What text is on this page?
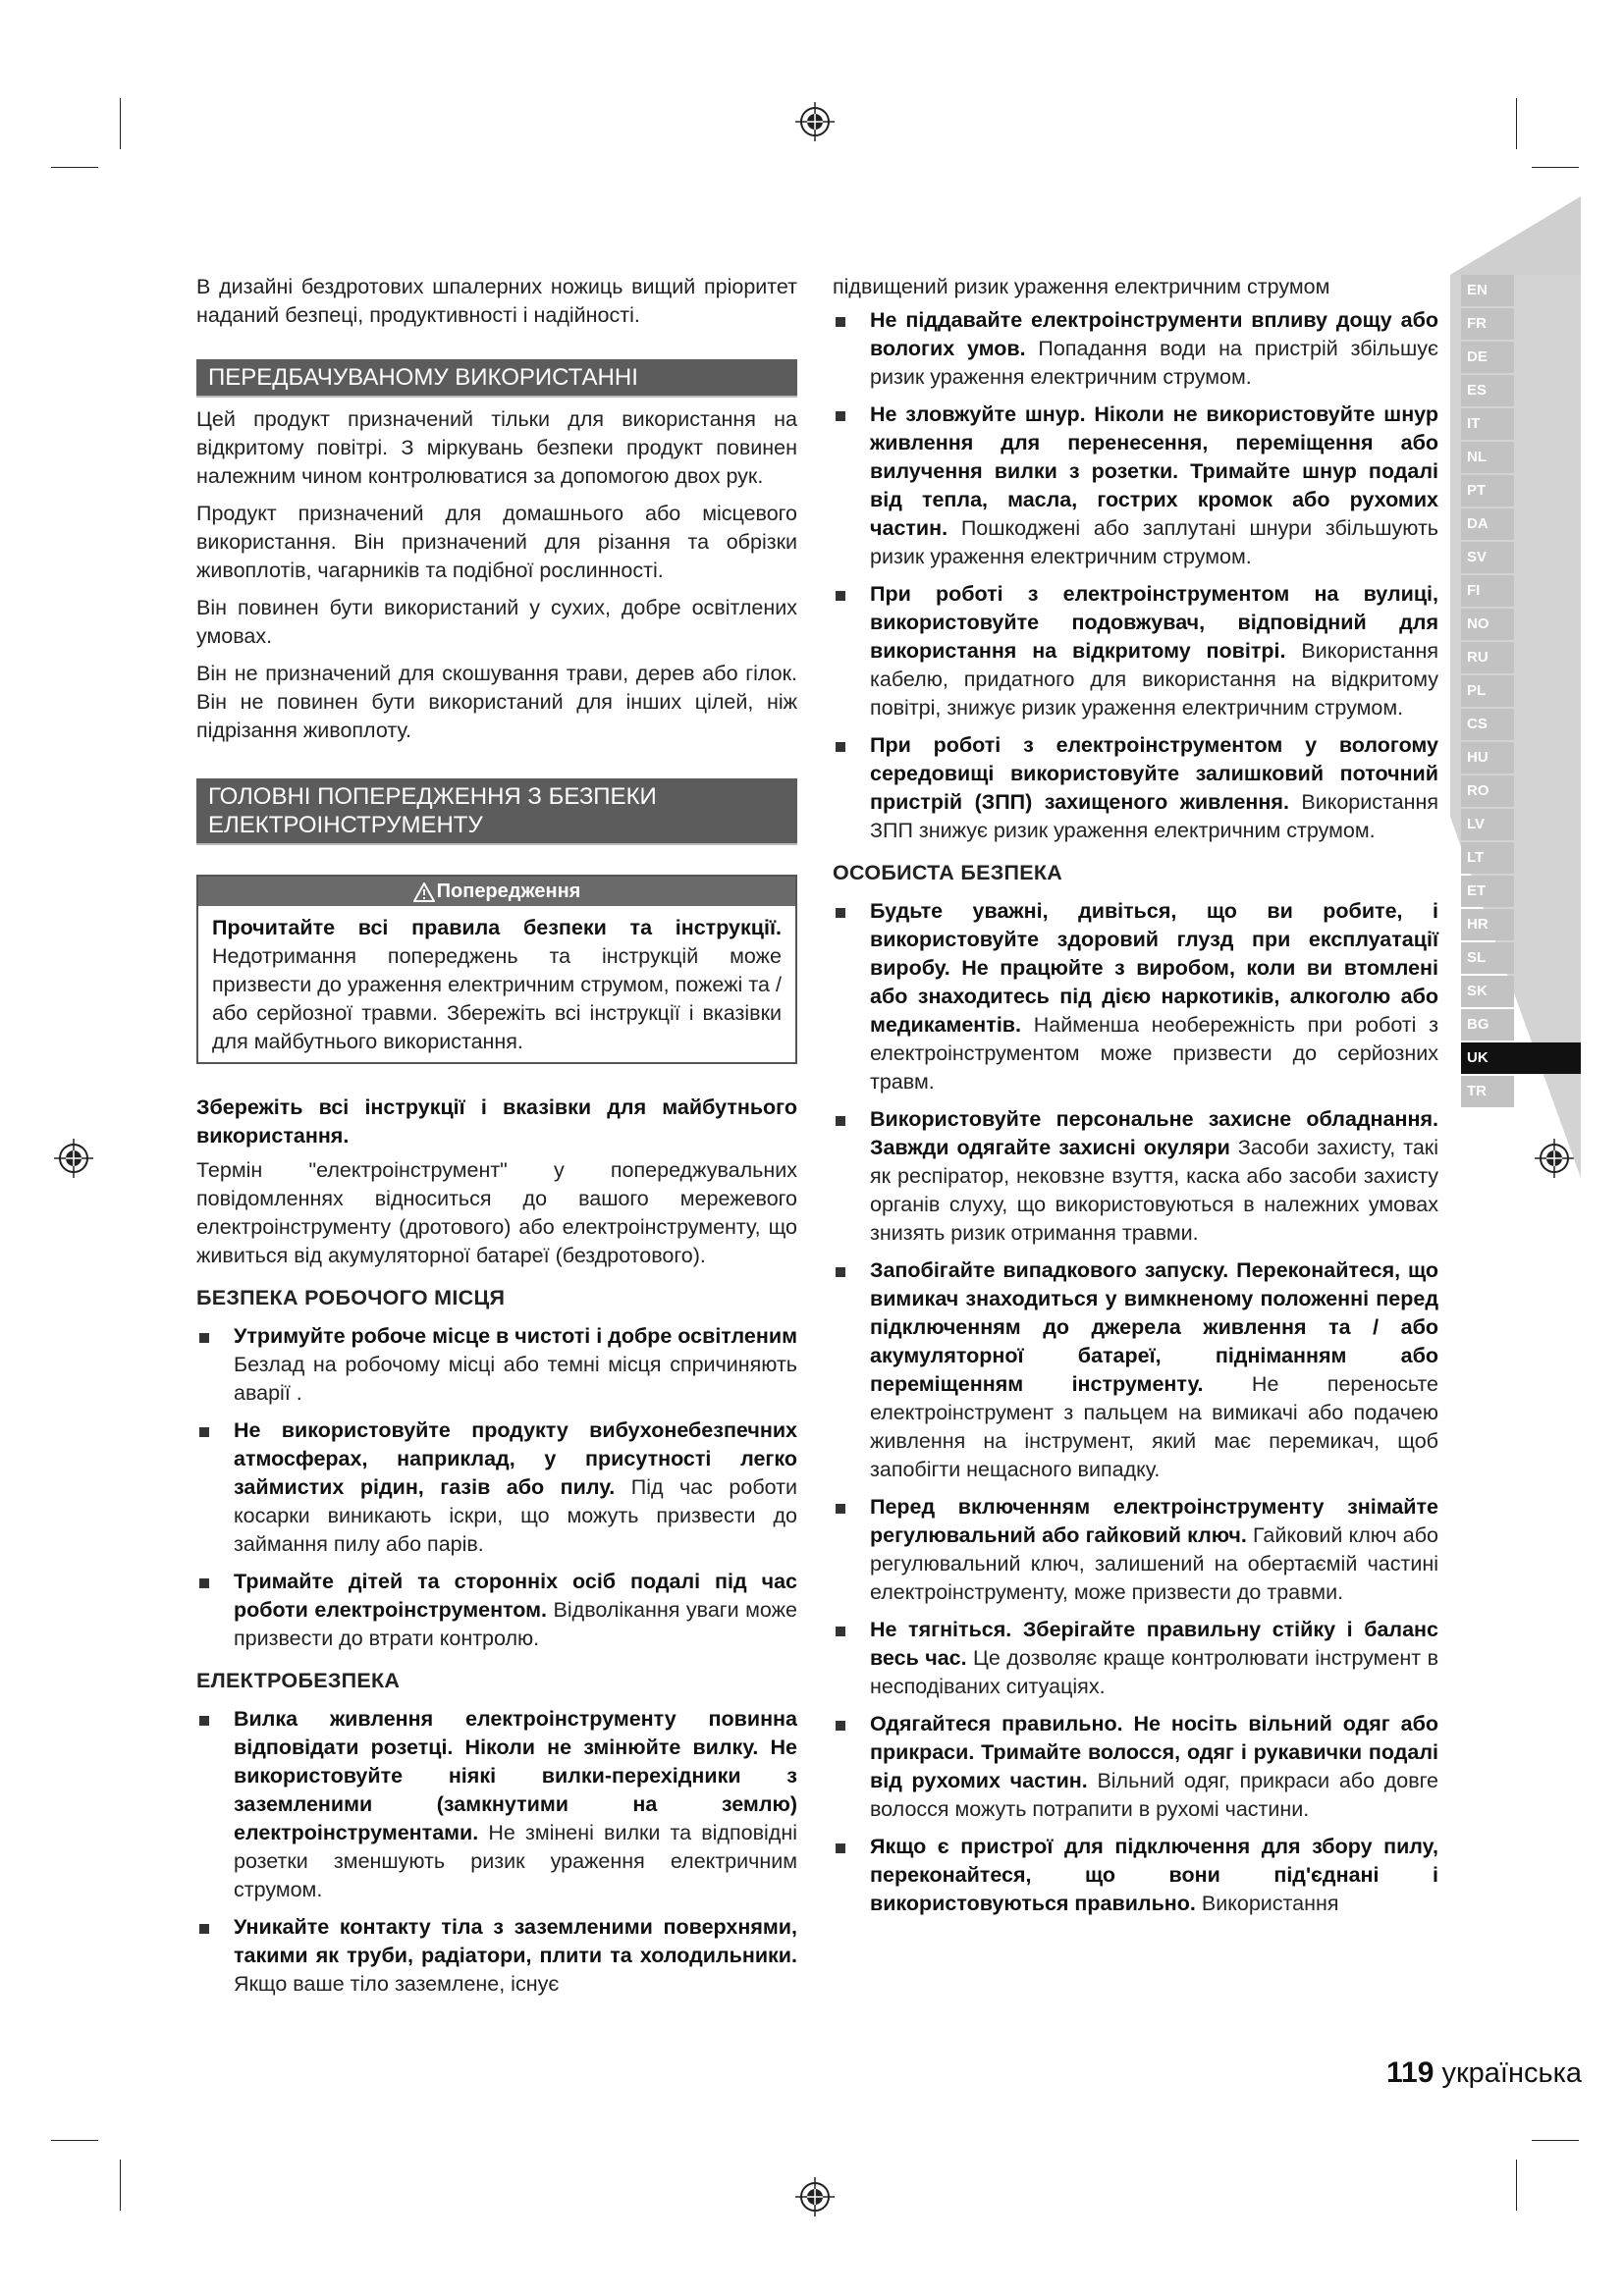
EN
FR
DE
ES
IT
NL
PT
DA
SV
FI
NO
RU
PL
CS
HU
RO
LV
LT
ET
HR
SL
SK
BG
UK
TR

В дизайні бездротових шпалерних ножиць вищий пріоритет наданий безпеці, продуктивності і надійності.

ПЕРЕДБАЧУВАНОМУ ВИКОРИСТАННІ

Цей продукт призначений тільки для використання на відкритому повітрі. З міркувань безпеки продукт повинен належним чином контролюватися за допомогою двох рук.

Продукт призначений для домашнього або місцевого використання. Він призначений для різання та обрізки живоплотів, чагарників та подібної рослинності.

Він повинен бути використаний у сухих, добре освітлених умовах.

Він не призначений для скошування трави, дерев або гілок. Він не повинен бути використаний для інших цілей, ніж підрізання живоплоту.

ГОЛОВНІ ПОПЕРЕДЖЕННЯ З БЕЗПЕКИ
ЕЛЕКТРОІНСТРУМЕНТУ
Попередження

Прочитайте всі правила безпеки та інструкції. Недотримання попереджень та інструкцій може призвести до ураження електричним струмом, пожежі та / або серйозної травми. Збережіть всі інструкції і вказівки для майбутнього використання.

Збережіть всі інструкції і вказівки для майбутнього використання.

Термін "електроінструмент" у попереджувальних повідомленнях відноситься до вашого мережевого електроінструменту (дротового) або електроінструменту, що живиться від акумуляторної батареї (бездротового).

БЕЗПЕКА РОБОЧОГО МІСЦЯ
Утримуйте робоче місце в чистоті і добре освітленим Безлад на робочому місці або темні місця спричиняють аварії .
Не використовуйте продукту вибухонебезпечних атмосферах, наприклад, у присутності легко займистих рідин, газів або пилу. Під час роботи косарки виникають іскри, що можуть призвести до займання пилу або парів.
Тримайте дітей та сторонніх осіб подалі під час роботи електроінструментом. Відволікання уваги може призвести до втрати контролю.
ЕЛЕКТРОБЕЗПЕКА
Вилка живлення електроінструменту повинна відповідати розетці. Ніколи не змінюйте вилку. Не використовуйте ніякі вилки-перехідники з заземленими (замкнутими на землю) електроінструментами. Не змінені вилки та відповідні розетки зменшують ризик ураження електричним струмом.
Уникайте контакту тіла з заземленими поверхнями, такими як труби, радіатори, плити та холодильники. Якщо ваше тіло заземлене, існує

підвищений ризик ураження електричним струмом

Не піддавайте електроінструменти впливу дощу або вологих умов. Попадання води на пристрій збільшує ризик ураження електричним струмом.
Не зловжуйте шнур. Ніколи не використовуйте шнур живлення для перенесення, переміщення або вилучення вилки з розетки. Тримайте шнур подалі від тепла, масла, гострих кромок або рухомих частин. Пошкоджені або заплутані шнури збільшують ризик ураження електричним струмом.
При роботі з електроінструментом на вулиці, використовуйте подовжувач, відповідний для використання на відкритому повітрі. Використання кабелю, придатного для використання на відкритому повітрі, знижує ризик ураження електричним струмом.
При роботі з електроінструментом у вологому середовищі використовуйте залишковий поточний пристрій (ЗПП) захищеного живлення. Використання ЗПП знижує ризик ураження електричним струмом.
ОСОБИСТА БЕЗПЕКА
Будьте уважні, дивіться, що ви робите, і використовуйте здоровий глузд при експлуатації виробу. Не працюйте з виробом, коли ви втомлені або знаходитесь під дією наркотиків, алкоголю або медикаментів. Найменша необережність при роботі з електроінструментом може призвести до серйозних травм.
Використовуйте персональне захисне обладнання. Завжди одягайте захисні окуляри Засоби захисту, такі як респіратор, нековзне взуття, каска або засоби захисту органів слуху, що використовуються в належних умовах знизять ризик отримання травми.
Запобігайте випадкового запуску. Переконайтеся, що вимикач знаходиться у вимкненому положенні перед підключенням до джерела живлення та / або акумуляторної батареї, підніманням або переміщенням інструменту. Не переносьте електроінструмент з пальцем на вимикачі або подачею живлення на інструмент, який має перемикач, щоб запобігти нещасного випадку.
Перед включенням електроінструменту знімайте регулювальний або гайковий ключ. Гайковий ключ або регулювальний ключ, залишений на обертаємій частині електроінструменту, може призвести до травми.
Не тягніться. Зберігайте правильну стійку і баланс весь час. Це дозволяє краще контролювати інструмент в несподіваних ситуаціях.
Одягайтеся правильно. Не носіть вільний одяг або прикраси. Тримайте волосся, одяг і рукавички подалі від рухомих частин. Вільний одяг, прикраси або довге волосся можуть потрапити в рухомі частини.
Якщо є пристрої для підключення для збору пилу, переконайтеся, що вони під'єднані і використовуються правильно. Використання
119 українська
